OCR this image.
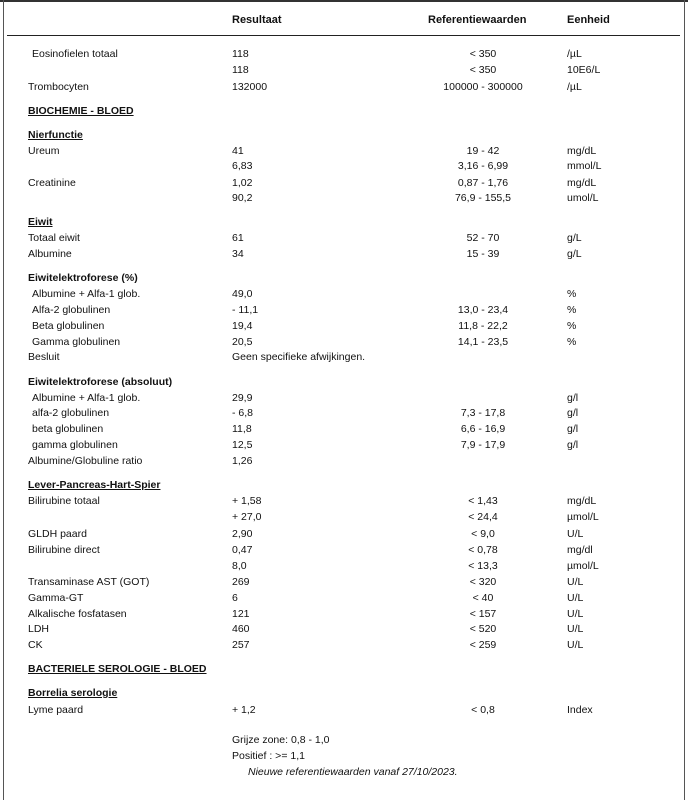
Resultaat	Referentiewaarden	Eenheid
Eosinofielen totaal	118	< 350	/µL
118	< 350	10E6/L
Trombocyten	132000	100000 - 300000	/µL
BIOCHEMIE - BLOED
Nierfunctie
Ureum	41	19 - 42	mg/dL
6,83	3,16 - 6,99	mmol/L
Creatinine	1,02	0,87 - 1,76	mg/dL
90,2	76,9 - 155,5	umol/L
Eiwit
Totaal eiwit	61	52 - 70	g/L
Albumine	34	15 - 39	g/L
Eiwitelektroforese (%)
Albumine + Alfa-1 glob.	49,0	%
Alfa-2 globulinen	- 11,1	13,0 - 23,4	%
Beta globulinen	19,4	11,8 - 22,2	%
Gamma globulinen	20,5	14,1 - 23,5	%
Besluit	Geen specifieke afwijkingen.
Eiwitelektroforese (absoluut)
Albumine + Alfa-1 glob.	29,9	g/l
alfa-2 globulinen	- 6,8	7,3 - 17,8	g/l
beta globulinen	11,8	6,6 - 16,9	g/l
gamma globulinen	12,5	7,9 - 17,9	g/l
Albumine/Globuline ratio	1,26
Lever-Pancreas-Hart-Spier
Bilirubine totaal	+ 1,58	< 1,43	mg/dL
+ 27,0	< 24,4	µmol/L
GLDH paard	2,90	< 9,0	U/L
Bilirubine direct	0,47	< 0,78	mg/dl
8,0	< 13,3	µmol/L
Transaminase AST (GOT)	269	< 320	U/L
Gamma-GT	6	< 40	U/L
Alkalische fosfatasen	121	< 157	U/L
LDH	460	< 520	U/L
CK	257	< 259	U/L
BACTERIELE SEROLOGIE - BLOED
Borrelia serologie
Lyme paard	+ 1,2	< 0,8	Index
Grijze zone: 0,8 - 1,0
Positief : >= 1,1
Nieuwe referentiewaarden vanaf 27/10/2023.
